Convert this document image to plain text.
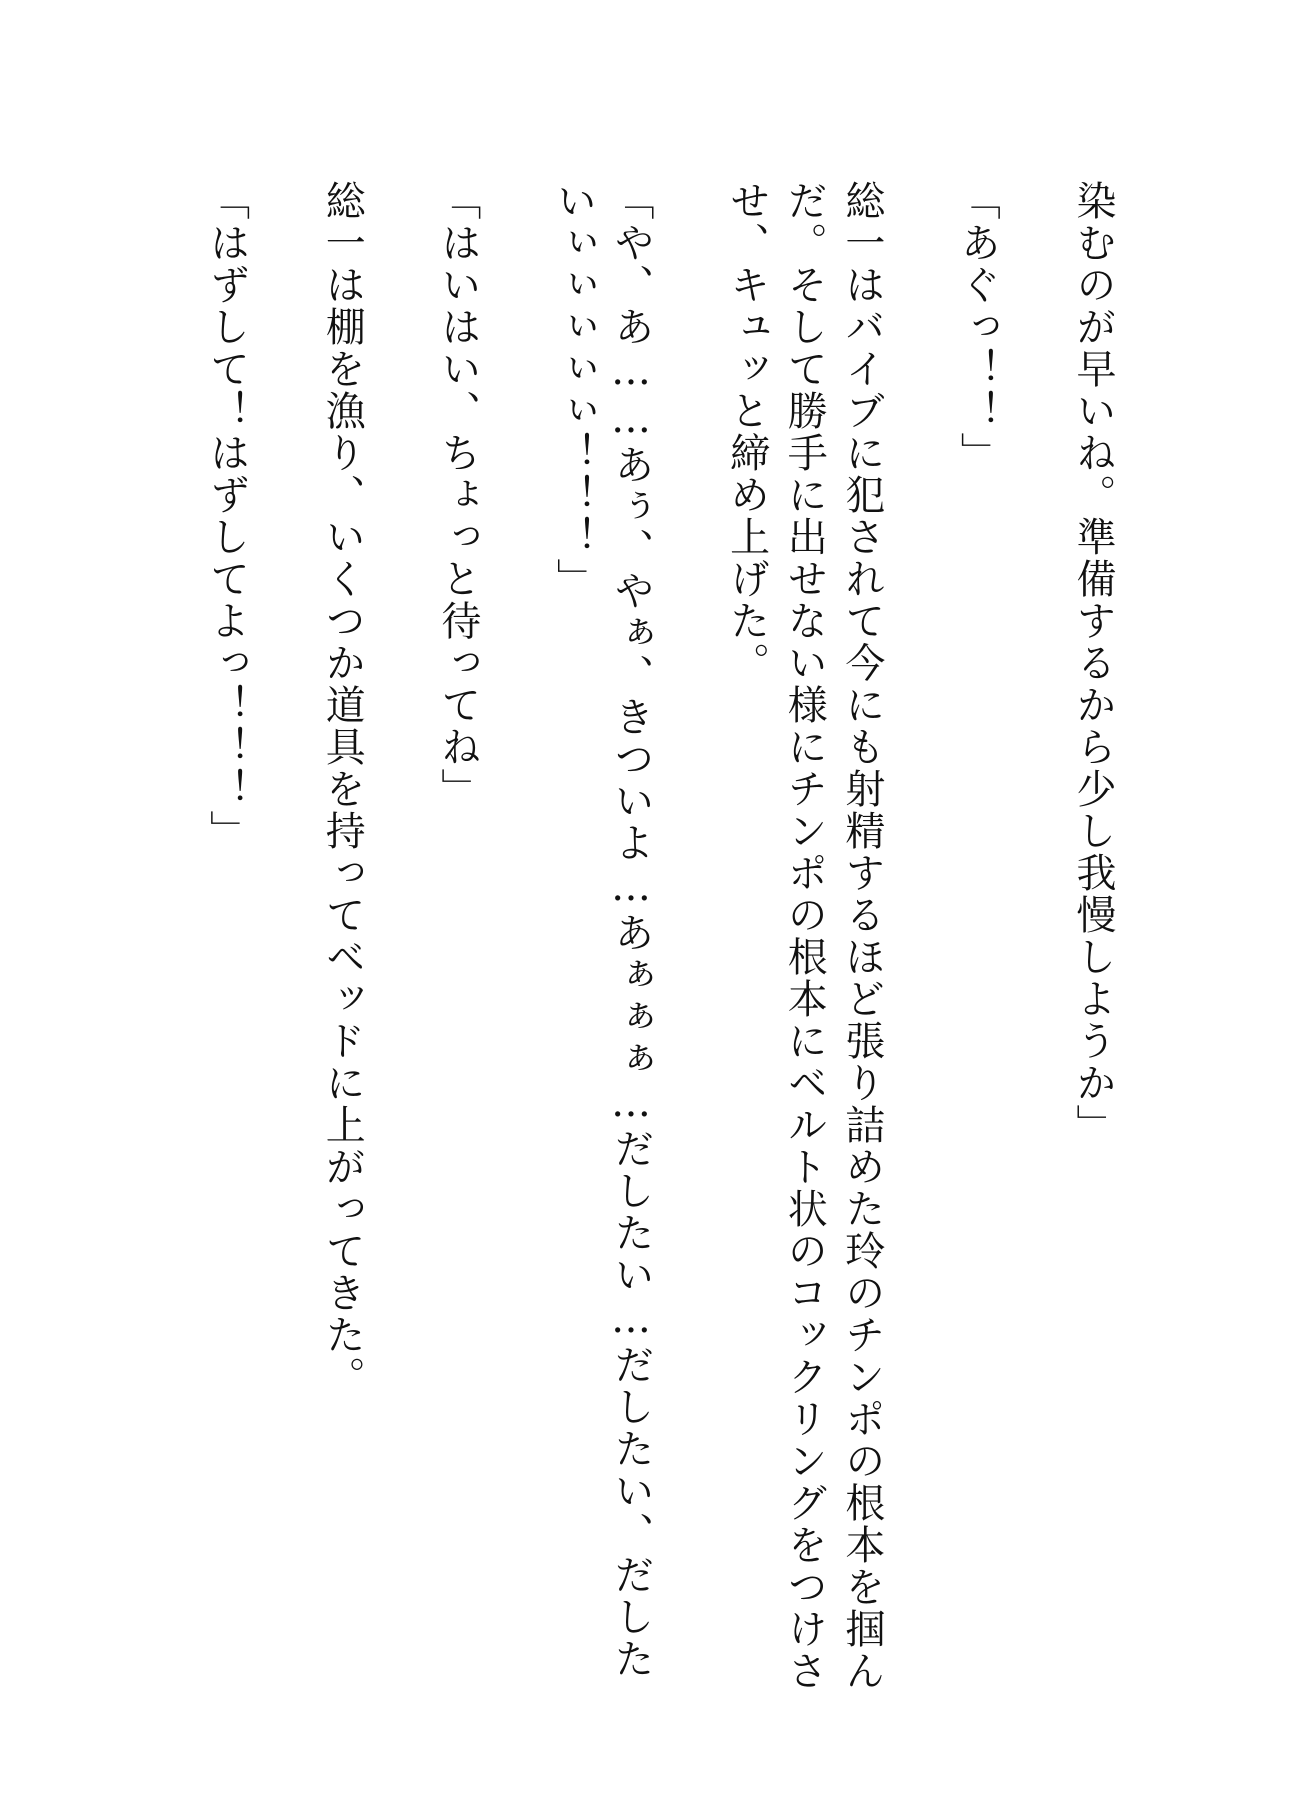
染むのが早いね。準備するから少し我慢しようか」

「あぐっ！！」

総一はバイブに犯されて今にも射精するほど張り詰めた玲のチンポの根本を掴んだ。そして勝手に出せない様にチンポの根本にベルト状のコックリングをつけさせ、キュッと締め上げた。

「や、あ……あぅ、やぁ、きついよ…あぁぁぁ…だしたい…だしたい、だしたいぃぃぃぃぃ！！！」

「はいはい、ちょっと待ってね」

総一は棚を漁り、いくつか道具を持ってベッドに上がってきた。

「はずして！はずしてよっ！！！」
